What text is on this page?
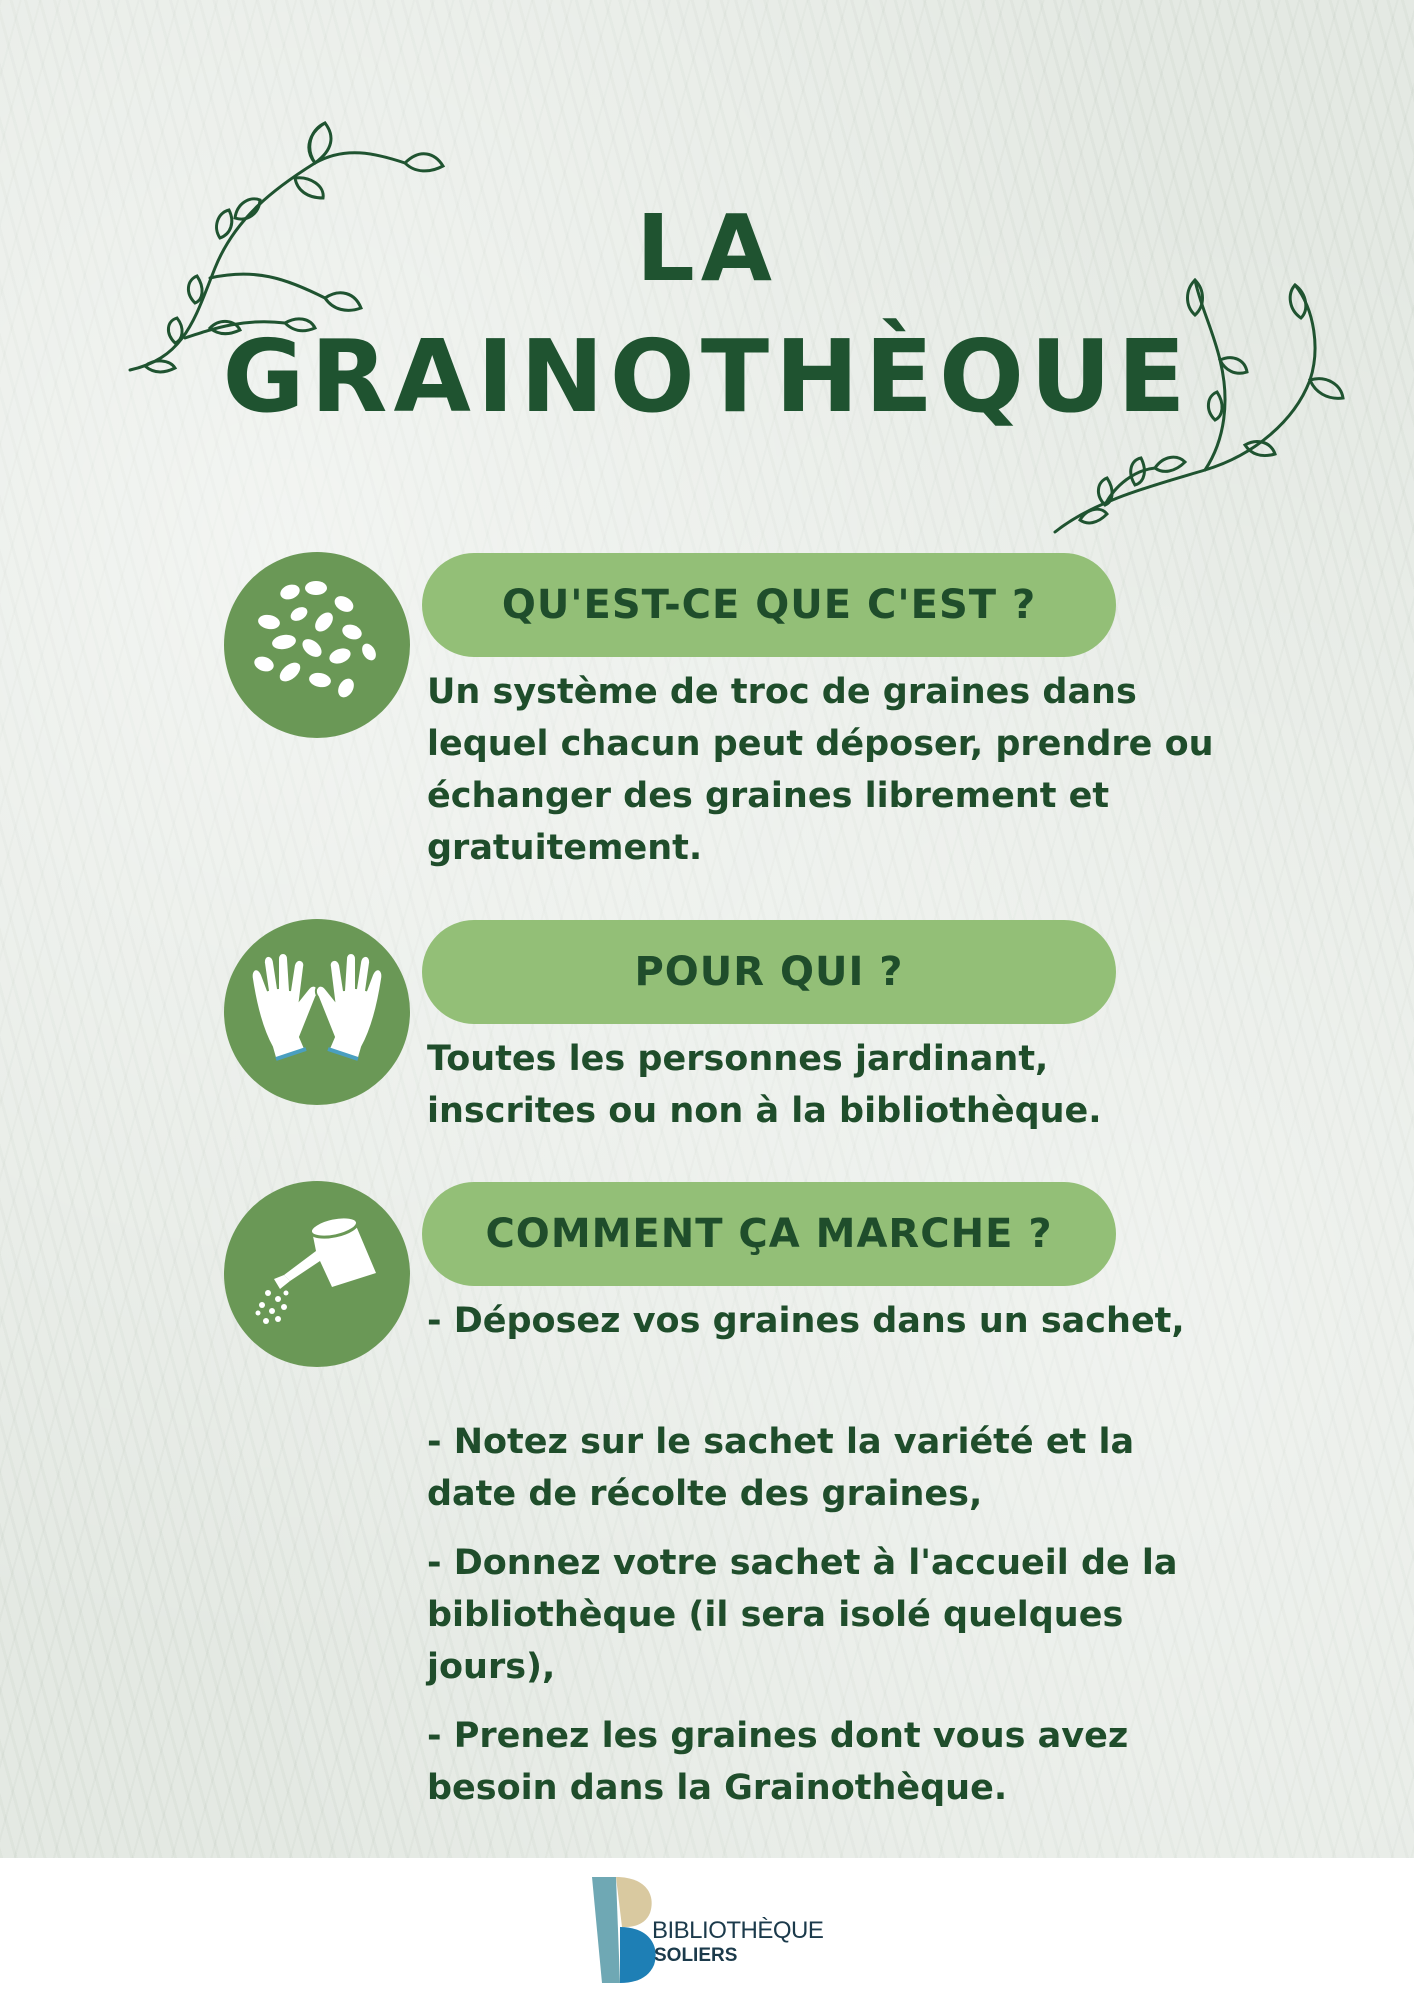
LA
GRAINOTHÈQUE
QU'EST-CE QUE C'EST ?

Un système de troc de graines dans lequel chacun peut déposer, prendre ou échanger des graines librement et gratuitement.

POUR QUI ?

Toutes les personnes jardinant, inscrites ou non à la bibliothèque.

COMMENT ÇA MARCHE ?

- Déposez vos graines dans un sachet,

- Notez sur le sachet la variété et la date de récolte des graines,

- Donnez votre sachet à l'accueil de la bibliothèque (il sera isolé quelques jours),

- Prenez les graines dont vous avez besoin dans la Grainothèque.

BIBLIOTHÈQUE
SOLIERS
